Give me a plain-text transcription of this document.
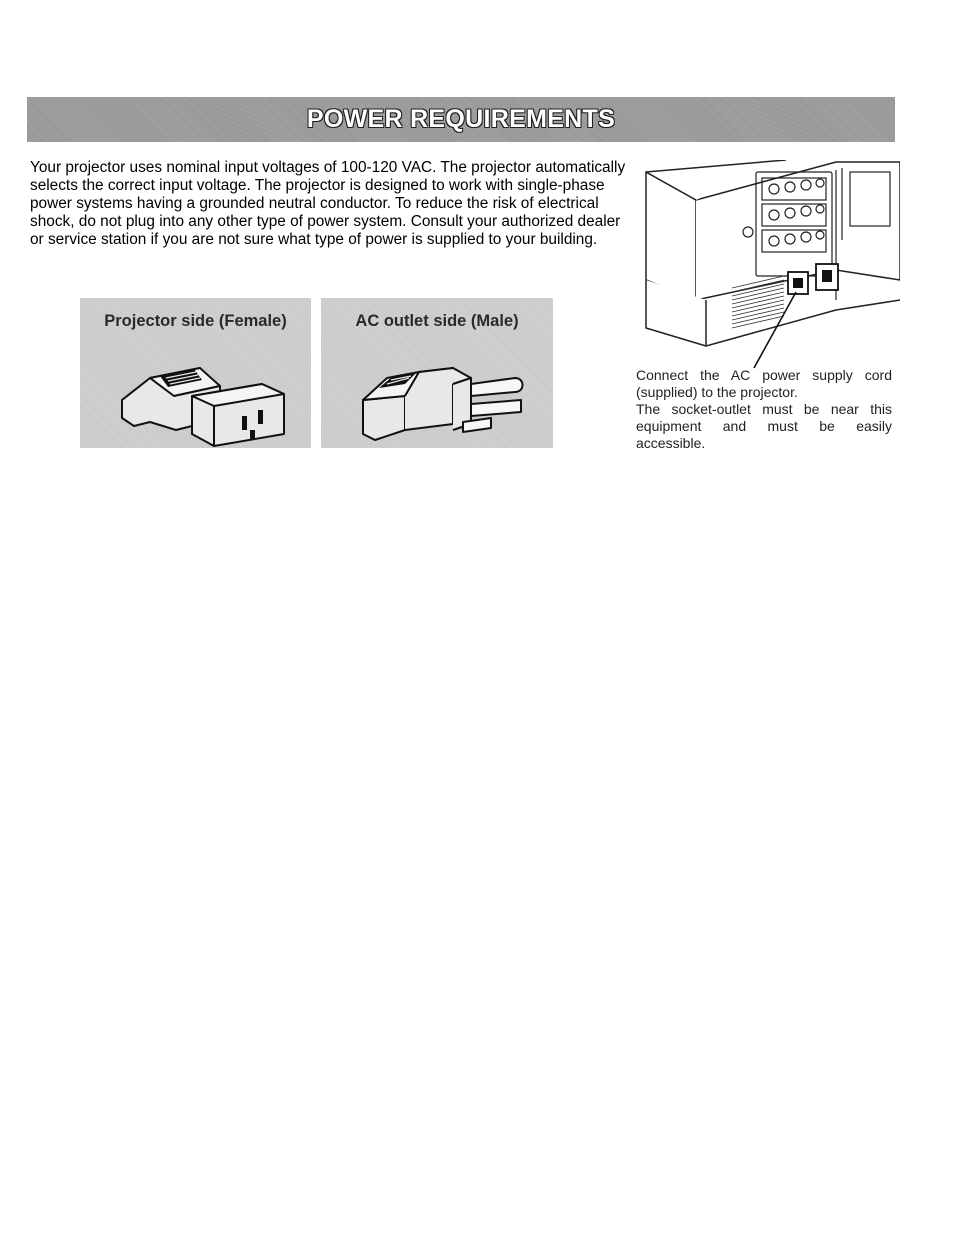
POWER REQUIREMENTS

Your projector uses nominal input voltages of 100-120 VAC. The projector automatically selects the correct input voltage. The projector is designed to work with single-phase power systems having a grounded neutral conductor. To reduce the risk of electrical shock, do not plug into any other type of power system. Consult your authorized dealer or service station if you are not sure what type of power is supplied to your building.

Projector side (Female)	AC outlet side (Male)
Connect the AC power supply cord (supplied) to the projector.
The socket-outlet must be near this equipment and must be easily accessible.
